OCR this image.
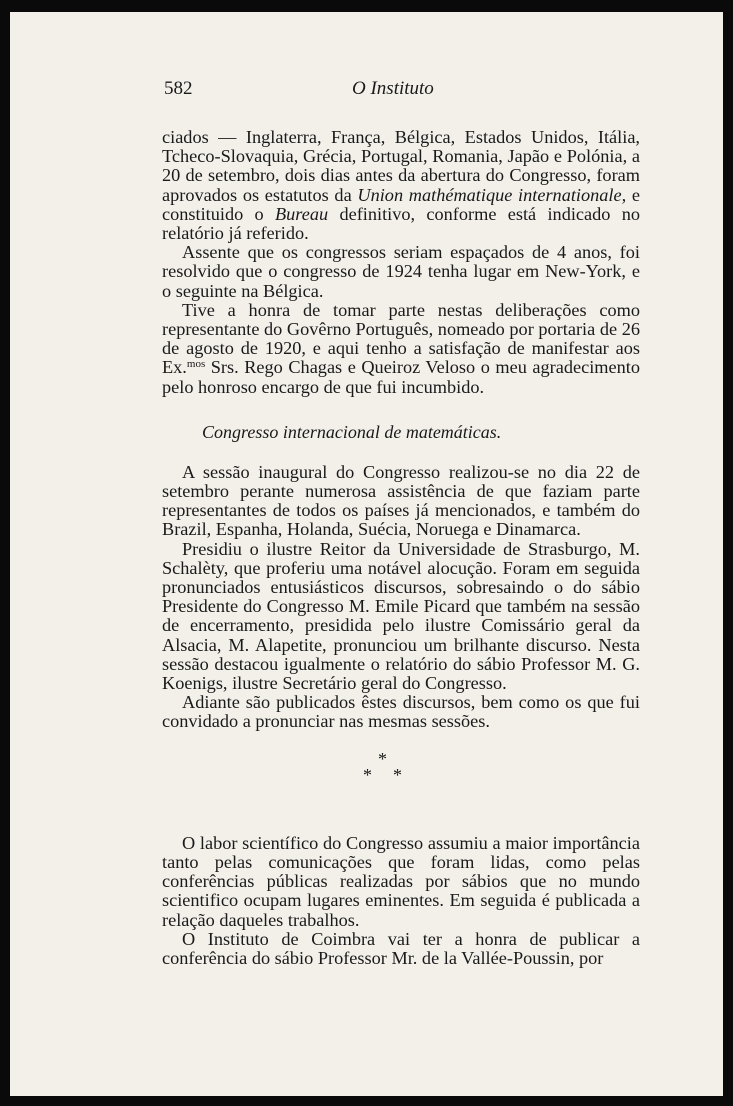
582	O Instituto

ciados — Inglaterra, França, Bélgica, Estados Unidos, Itália, Tcheco-Slovaquia, Grécia, Portugal, Romania, Japão e Polónia, a 20 de setembro, dois dias antes da abertura do Congresso, foram aprovados os estatutos da Union mathématique internationale, e constituido o Bureau definitivo, conforme está indicado no relatório já referido.

Assente que os congressos seriam espaçados de 4 anos, foi resolvido que o congresso de 1924 tenha lugar em New-York, e o seguinte na Bélgica.

Tive a honra de tomar parte nestas deliberações como representante do Govêrno Português, nomeado por portaria de 26 de agosto de 1920, e aqui tenho a satisfação de manifestar aos Ex.$^{mos}$ Srs. Rego Chagas e Queiroz Veloso o meu agradecimento pelo honroso encargo de que fui incumbido.

Congresso internacional de matemáticas.

A sessão inaugural do Congresso realizou-se no dia 22 de setembro perante numerosa assistência de que faziam parte representantes de todos os países já mencionados, e também do Brazil, Espanha, Holanda, Suécia, Noruega e Dinamarca.

Presidiu o ilustre Reitor da Universidade de Strasburgo, M. Schalèty, que proferiu uma notável alocução. Foram em seguida pronunciados entusiásticos discursos, sobresaindo o do sábio Presidente do Congresso M. Emile Picard que também na sessão de encerramento, presidida pelo ilustre Comissário geral da Alsacia, M. Alapetite, pronunciou um brilhante discurso. Nesta sessão destacou igualmente o relatório do sábio Professor M. G. Koenigs, ilustre Secretário geral do Congresso.

Adiante são publicados êstes discursos, bem como os que fui convidado a pronunciar nas mesmas sessões.

*
* *

O labor scientífico do Congresso assumiu a maior importância tanto pelas comunicações que foram lidas, como pelas conferências públicas realizadas por sábios que no mundo scientifico ocupam lugares eminentes. Em seguida é publicada a relação daqueles trabalhos.

O Instituto de Coimbra vai ter a honra de publicar a conferência do sábio Professor Mr. de la Vallée-Poussin, por
